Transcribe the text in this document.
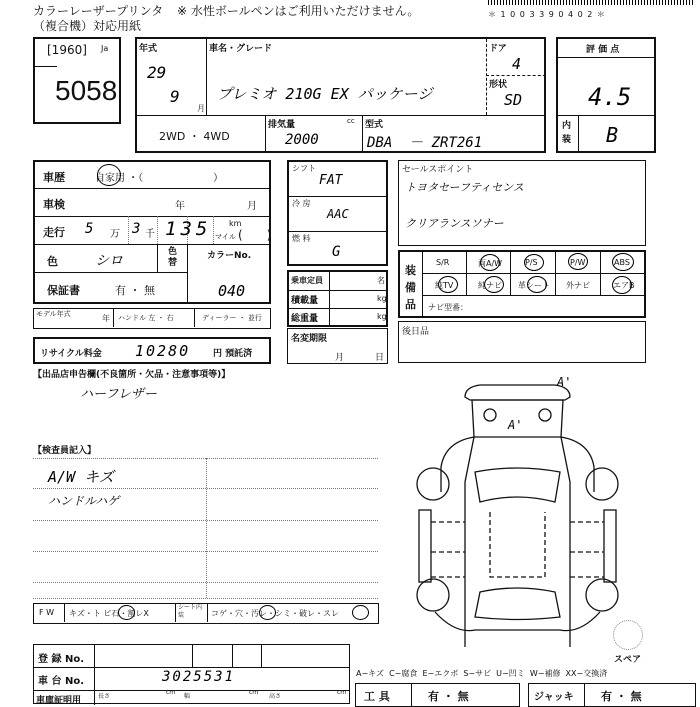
カラーレーザープリンタ ※ 水性ボールペンはご利用いただけません。
（複合機）対応用紙
＊ 1 0 0 3 3 9 0 4 0 2 ＊
[1960] Ja
5058
年式
29
9
月
車名・グレード
プレミオ 210G EX パッケージ
ドア
4
形状
SD
2WD ・ 4WD
排気量	cc
2000
型式
DBA  － ZRT261
評 価 点
4.5
内装 B
車歴	自家用 ・（　　　　　　　）
車検	年	月
走行 5 万 3 千 135 km
マイル (　　)
色	シロ
色替
カラーNo.
040
保証書	有 ・ 無
モデル年式	年 ハンドル 左 ・ 右	ディーラー ・ 並行
リサイクル料金 10280	円 預託済
シフト
FAT
冷 房
AAC
燃 料
G
乗車定員	名
積載量	kg
総重量	kg
名変期限
月	日
セールスポイント
トヨタセーフティセンス
クリアランスソナー
装備品
S/R	両A/W	P/S	P/W	ABS
純TV	純ナビ 革シート 外ナビ	エアB
ナビ型番：
後日品
【出品店申告欄(不良箇所・欠品・注意事項等)】
ハーフレザー
【検査員記入】
A/W キズ
ハンドルハゲ
A'
A'
スペア
F W キズ・ト ビ石・割レX
シート内装	コゲ・穴・汚レ・シミ・破レ・スレ
登 録 No.
車 台 No.	3025531
車庫証明用	長さ
cm
幅
cm
高さ
cm
A−キズ  C−腐食  E−エクボ  S−サビ  U−凹ミ  W−補修  XX−交換済
工 具	有 ・ 無	ジャッキ 有 ・ 無
